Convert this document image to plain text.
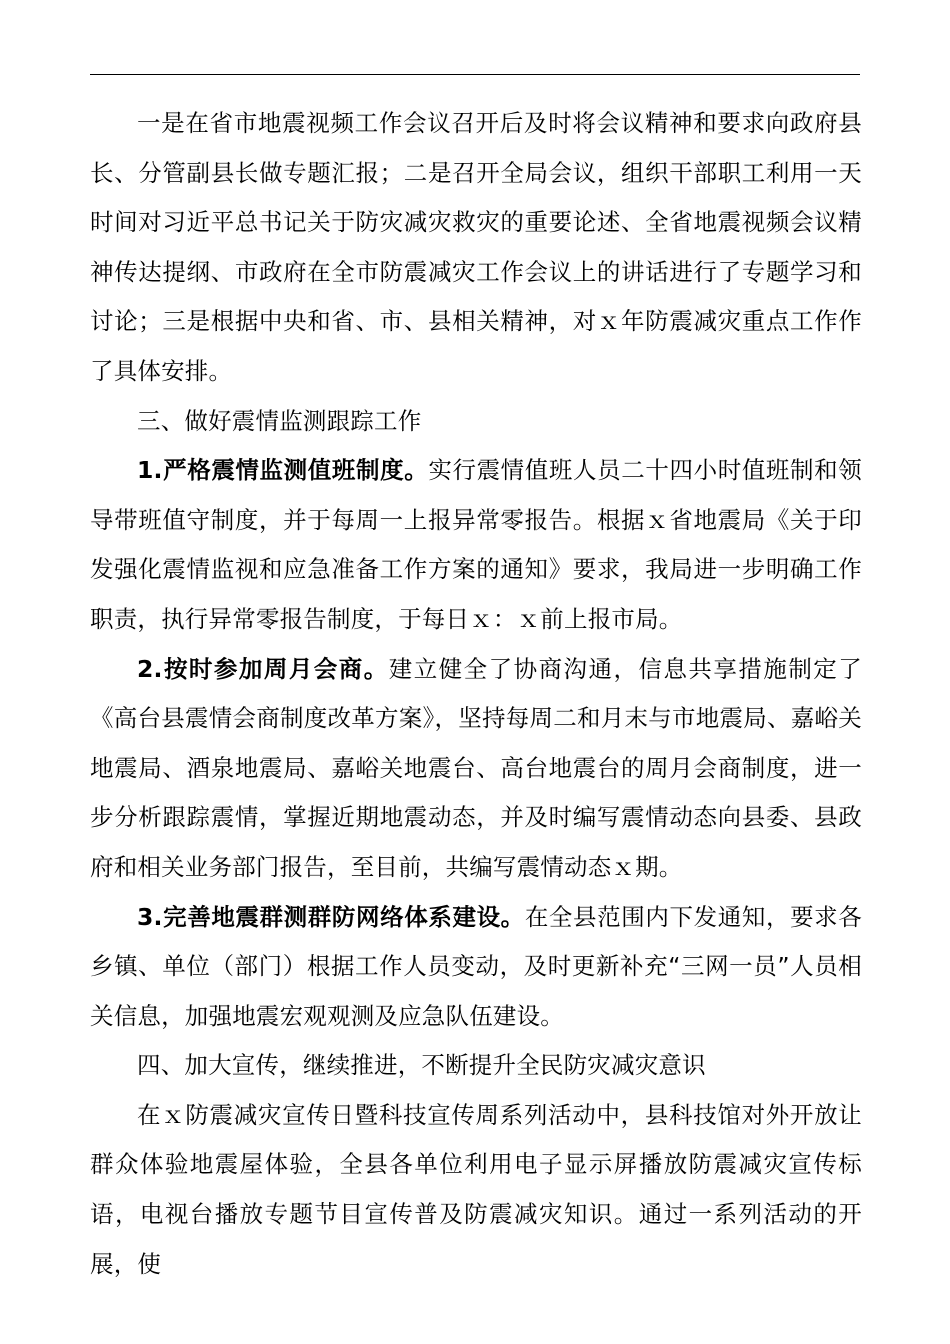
一是在省市地震视频工作会议召开后及时将会议精神和要求向政府县长、分管副县长做专题汇报；二是召开全局会议，组织干部职工利用一天时间对习近平总书记关于防灾减灾救灾的重要论述、全省地震视频会议精神传达提纲、市政府在全市防震减灾工作会议上的讲话进行了专题学习和讨论；三是根据中央和省、市、县相关精神，对ｘ年防震减灾重点工作作了具体安排。

三、做好震情监测跟踪工作

1.严格震情监测值班制度。实行震情值班人员二十四小时值班制和领导带班值守制度，并于每周一上报异常零报告。根据ｘ省地震局《关于印发强化震情监视和应急准备工作方案的通知》要求，我局进一步明确工作职责，执行异常零报告制度，于每日ｘ：ｘ前上报市局。

2.按时参加周月会商。建立健全了协商沟通，信息共享措施制定了《高台县震情会商制度改革方案》，坚持每周二和月末与市地震局、嘉峪关地震局、酒泉地震局、嘉峪关地震台、高台地震台的周月会商制度，进一步分析跟踪震情，掌握近期地震动态，并及时编写震情动态向县委、县政府和相关业务部门报告，至目前，共编写震情动态ｘ期。

3.完善地震群测群防网络体系建设。在全县范围内下发通知，要求各乡镇、单位（部门）根据工作人员变动，及时更新补充“三网一员”人员相关信息，加强地震宏观观测及应急队伍建设。

四、加大宣传，继续推进，不断提升全民防灾减灾意识

在ｘ防震减灾宣传日暨科技宣传周系列活动中，县科技馆对外开放让群众体验地震屋体验，全县各单位利用电子显示屏播放防震减灾宣传标语，电视台播放专题节目宣传普及防震减灾知识。通过一系列活动的开展，使
